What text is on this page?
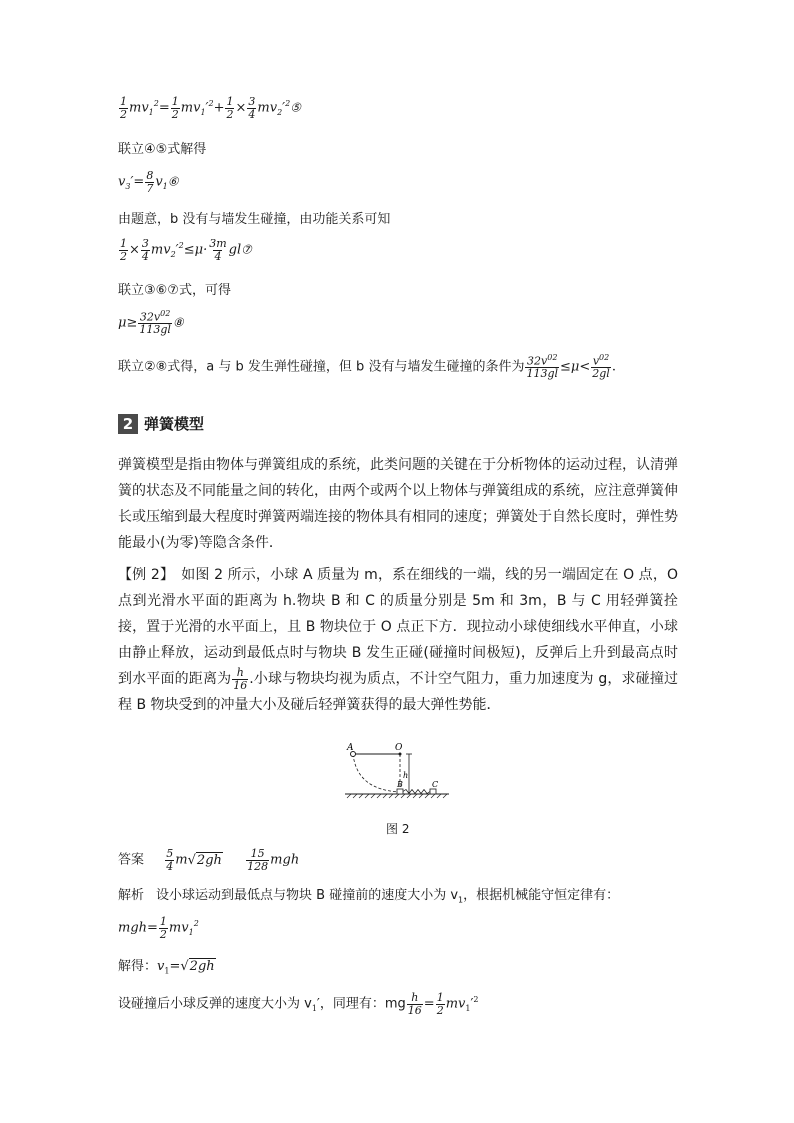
$\frac{1}{2} mv_1^2= \frac{1}{2} mv_1'^2+ \frac{1}{2} \times \frac{3}{4}$ $mv_2'^2⑤$
联立④⑤式解得
$v_3'= \frac{8}{7}$ $v_1⑥$
由题意，b 没有与墙发生碰撞，由功能关系可知
$\frac{1}{2} \times \frac{3}{4} mv_2'^2\le\mu\cdot \frac{3m}{4}$ gl⑦
联立③⑥⑦式，可得
$\mu\ge \frac{32v^{02}}{113gl}$ ⑧
联立②⑧式得，a 与 b 发生弹性碰撞，但 b 没有与墙发生碰撞的条件为 $\frac{32v^{02}}{113gl} \le\mu< \frac{v^{02}}{2gl}$ .
2 弹簧模型
弹簧模型是指由物体与弹簧组成的系统，此类问题的关键在于分析物体的运动过程，认清弹簧的状态及不同能量之间的转化，由两个或两个以上物体与弹簧组成的系统，应注意弹簧伸长或压缩到最大程度时弹簧两端连接的物体具有相同的速度；弹簧处于自然长度时，弹性势能最小(为零)等隐含条件．
【例 2】　如图 2 所示，小球 A 质量为 m，系在细线的一端，线的另一端固定在 O 点，O 点到光滑水平面的距离为 h.物块 B 和 C 的质量分别是 5m 和 3m，B 与 C 用轻弹簧拴接，置于光滑的水平面上，且 B 物块位于 O 点正下方．现拉动小球使细线水平伸直，小球由静止释放，运动到最低点时与物块 B 发生正碰(碰撞时间极短)，反弹后上升到最高点时到水平面的距离为 $\frac{h}{16}$ .小球与物块均视为质点，不计空气阻力，重力加速度为 g，求碰撞过程 B 物块受到的冲量大小及碰后轻弹簧获得的最大弹性势能．
A	O
h
B	C
图 2
答案 $\frac{5}{4} m√2gh \frac{15}{128}$ mgh
解析 设小球运动到最低点与物块 B 碰撞前的速度大小为 $v_1$，根据机械能守恒定律有：
$mgh= \frac{1}{2} mv_1^2$
解得：$v_1=√2gh$
设碰撞后小球反弹的速度大小为 $v_1'$，同理有：mg $\frac{h}{16} = \frac{1}{2} mv_1'^2$
